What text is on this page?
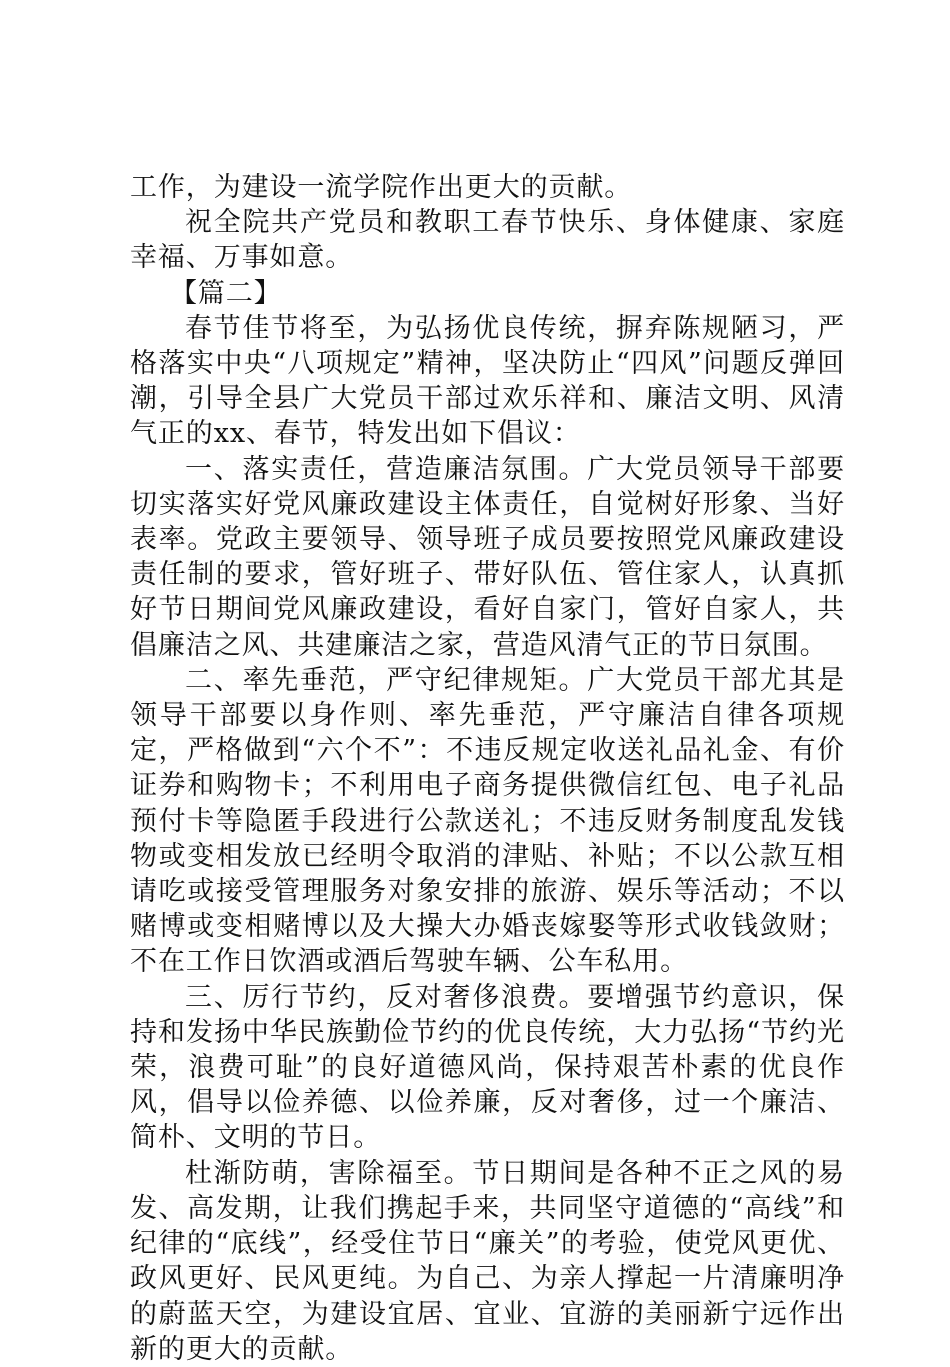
工作，为建设一流学院作出更大的贡献。

祝全院共产党员和教职工春节快乐、身体健康、家庭幸福、万事如意。

【篇二】

春节佳节将至，为弘扬优良传统，摒弃陈规陋习，严格落实中央“八项规定”精神，坚决防止“四风”问题反弹回潮，引导全县广大党员干部过欢乐祥和、廉洁文明、风清气正的xx、春节，特发出如下倡议：

一、落实责任，营造廉洁氛围。广大党员领导干部要切实落实好党风廉政建设主体责任，自觉树好形象、当好表率。党政主要领导、领导班子成员要按照党风廉政建设责任制的要求，管好班子、带好队伍、管住家人，认真抓好节日期间党风廉政建设，看好自家门，管好自家人，共倡廉洁之风、共建廉洁之家，营造风清气正的节日氛围。

二、率先垂范，严守纪律规矩。广大党员干部尤其是领导干部要以身作则、率先垂范，严守廉洁自律各项规定，严格做到“六个不”：不违反规定收送礼品礼金、有价证券和购物卡；不利用电子商务提供微信红包、电子礼品预付卡等隐匿手段进行公款送礼；不违反财务制度乱发钱物或变相发放已经明令取消的津贴、补贴；不以公款互相请吃或接受管理服务对象安排的旅游、娱乐等活动；不以赌博或变相赌博以及大操大办婚丧嫁娶等形式收钱敛财；不在工作日饮酒或酒后驾驶车辆、公车私用。

三、厉行节约，反对奢侈浪费。要增强节约意识，保持和发扬中华民族勤俭节约的优良传统，大力弘扬“节约光荣，浪费可耻”的良好道德风尚，保持艰苦朴素的优良作风，倡导以俭养德、以俭养廉，反对奢侈，过一个廉洁、简朴、文明的节日。

杜渐防萌，害除福至。节日期间是各种不正之风的易发、高发期，让我们携起手来，共同坚守道德的“高线”和纪律的“底线”，经受住节日“廉关”的考验，使党风更优、政风更好、民风更纯。为自己、为亲人撑起一片清廉明净的蔚蓝天空，为建设宜居、宜业、宜游的美丽新宁远作出新的更大的贡献。
